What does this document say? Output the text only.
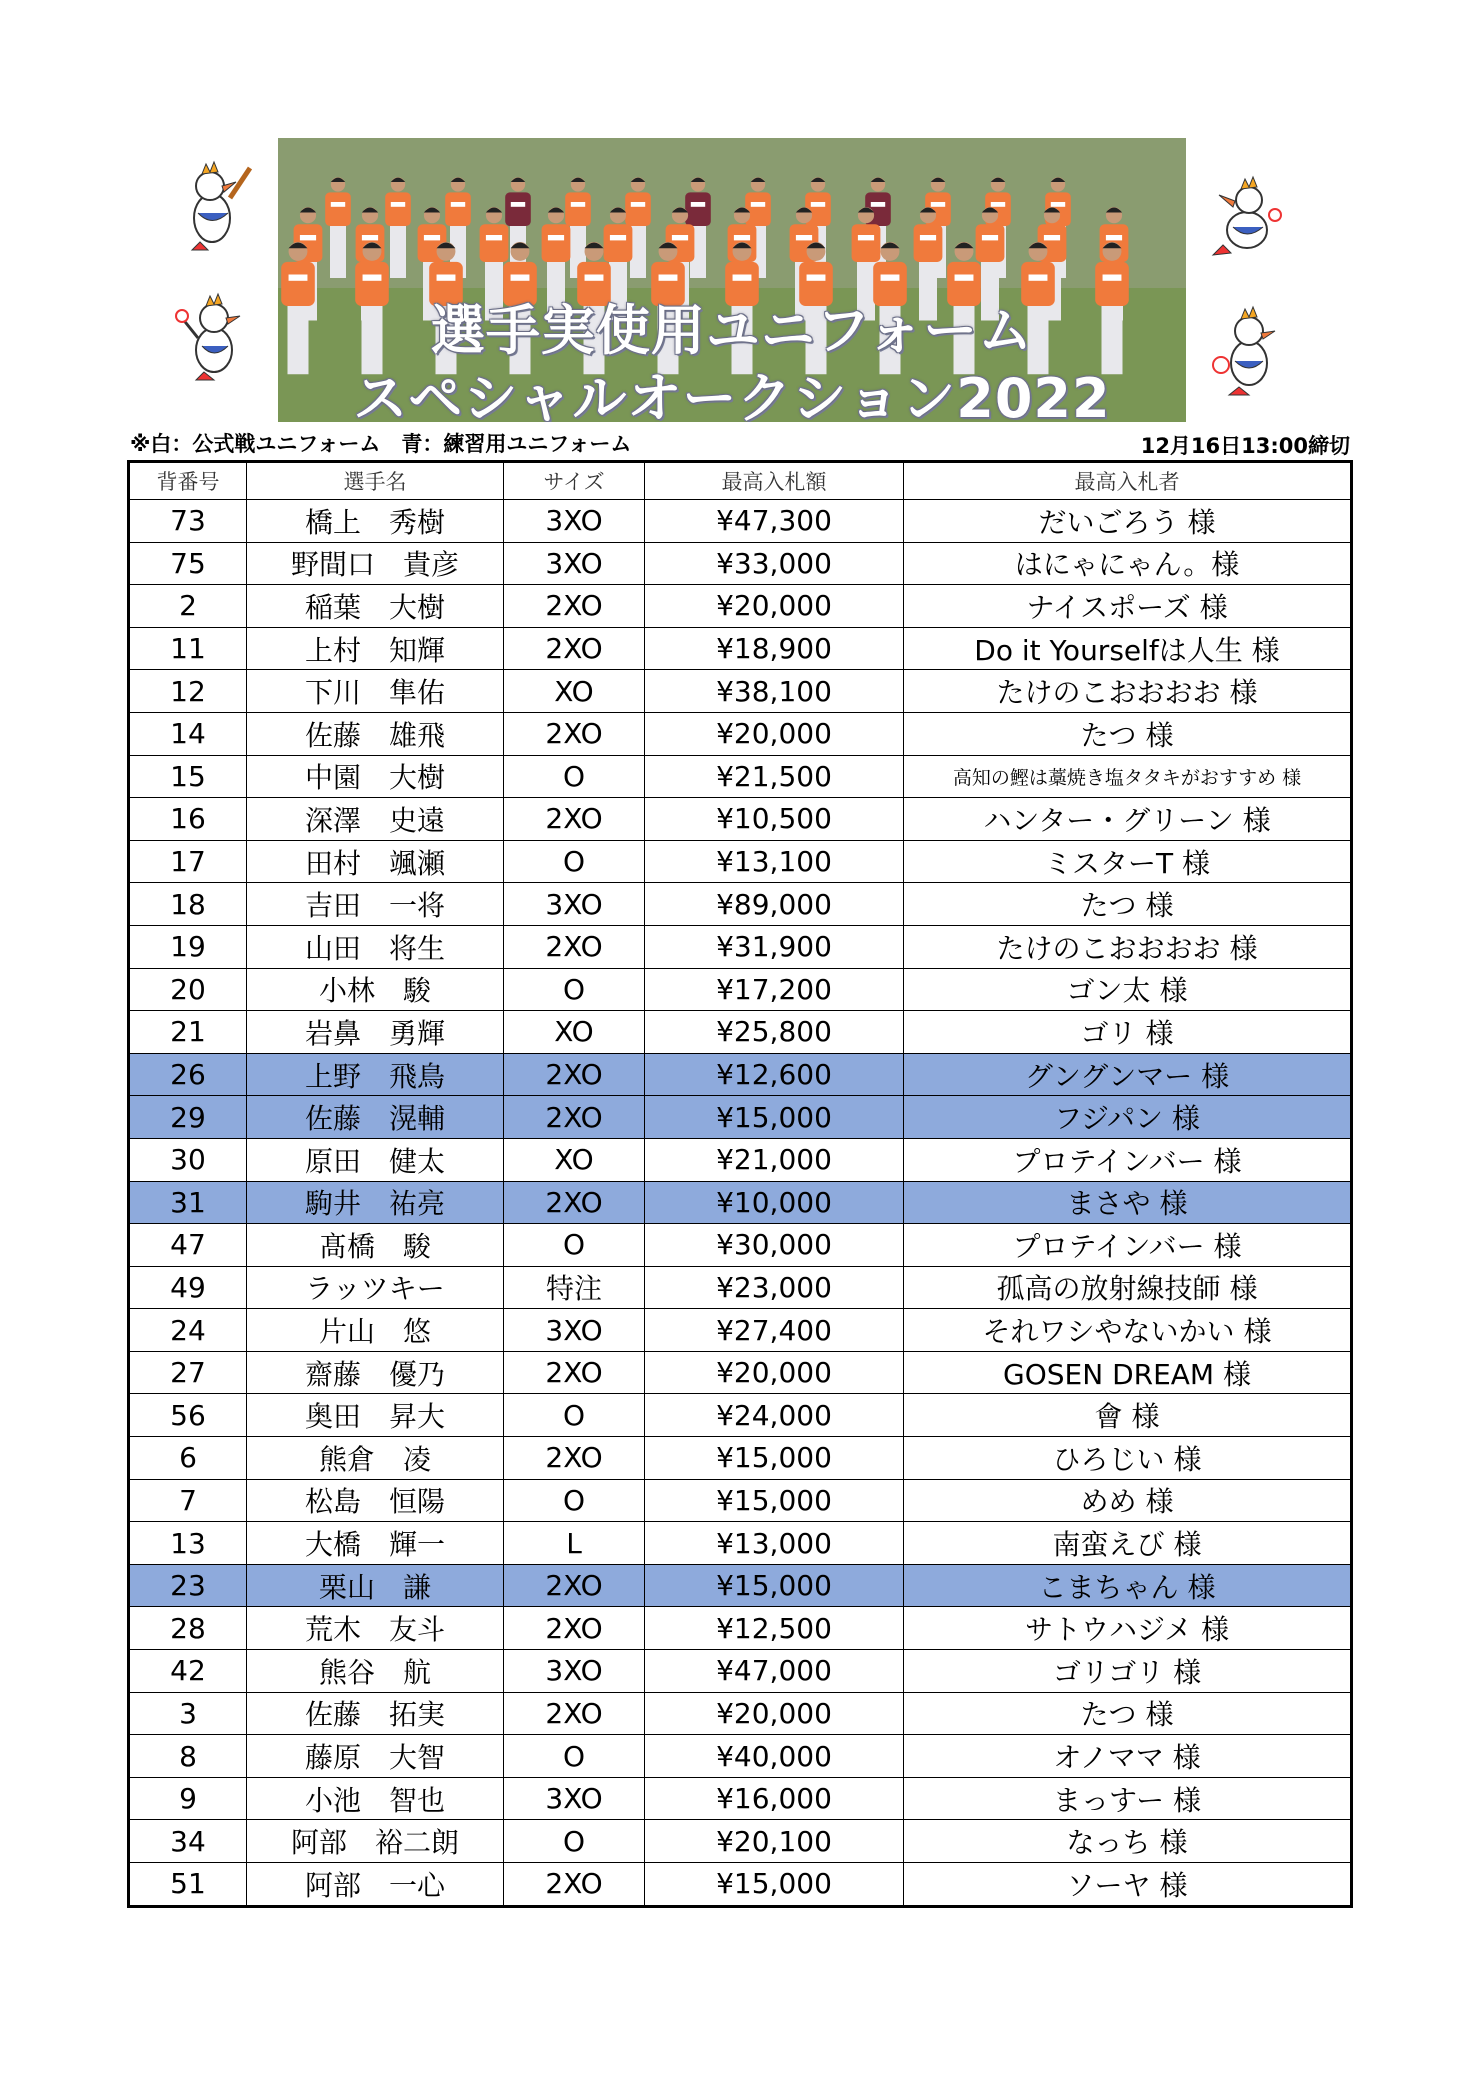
選手実使用ユニフォーム
スペシャルオークション2022
※白：公式戦ユニフォーム　青：練習用ユニフォーム	12月16日13:00締切
背番号	選手名	サイズ	最高入札額	最高入札者
73	橋上　秀樹	3XO	¥47,300	だいごろう 様
75	野間口　貴彦	3XO	¥33,000	はにゃにゃん。様
2	稲葉　大樹	2XO	¥20,000	ナイスポーズ 様
11	上村　知輝	2XO	¥18,900	Do it Yourselfは人生 様
12	下川　隼佑	XO	¥38,100	たけのこおおおお 様
14	佐藤　雄飛	2XO	¥20,000	たつ 様
15	中園　大樹	O	¥21,500	高知の鰹は藁焼き塩タタキがおすすめ 様
16	深澤　史遠	2XO	¥10,500	ハンター・グリーン 様
17	田村　颯瀬	O	¥13,100	ミスターT 様
18	吉田　一将	3XO	¥89,000	たつ 様
19	山田　将生	2XO	¥31,900	たけのこおおおお 様
20	小林　駿	O	¥17,200	ゴン太 様
21	岩鼻　勇輝	XO	¥25,800	ゴリ 様
26	上野　飛鳥	2XO	¥12,600	グングンマー 様
29	佐藤　滉輔	2XO	¥15,000	フジパン 様
30	原田　健太	XO	¥21,000	プロテインバー 様
31	駒井　祐亮	2XO	¥10,000	まさや 様
47	髙橋　駿	O	¥30,000	プロテインバー 様
49	ラッツキー	特注	¥23,000	孤高の放射線技師 様
24	片山　悠	3XO	¥27,400	それワシやないかい 様
27	齋藤　優乃	2XO	¥20,000	GOSEN DREAM 様
56	奥田　昇大	O	¥24,000	會 様
6	熊倉　凌	2XO	¥15,000	ひろじい 様
7	松島　恒陽	O	¥15,000	めめ 様
13	大橋　輝一	L	¥13,000	南蛮えび 様
23	栗山　謙	2XO	¥15,000	こまちゃん 様
28	荒木　友斗	2XO	¥12,500	サトウハジメ 様
42	熊谷　航	3XO	¥47,000	ゴリゴリ 様
3	佐藤　拓実	2XO	¥20,000	たつ 様
8	藤原　大智	O	¥40,000	オノママ 様
9	小池　智也	3XO	¥16,000	まっすー 様
34	阿部　裕二朗	O	¥20,100	なっち 様
51	阿部　一心	2XO	¥15,000	ソーヤ 様
